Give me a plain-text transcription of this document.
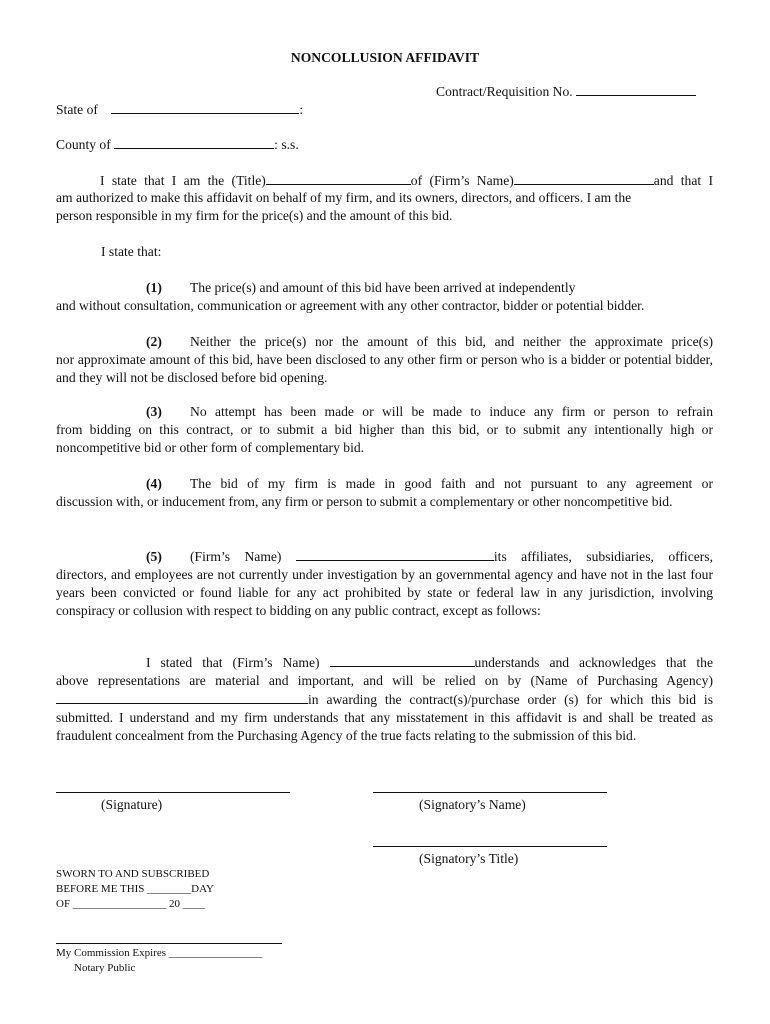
NONCOLLUSION AFFIDAVIT
Contract/Requisition No.
State of	:
County of	: s.s.
I state that I am the (Title)	of (Firm’s Name)	and that I
am authorized to make this affidavit on behalf of my firm, and its owners, directors, and officers. I am the
person responsible in my firm for the price(s) and the amount of this bid.
I state that:
(1) The price(s) and amount of this bid have been arrived at independently
and without consultation, communication or agreement with any other contractor, bidder or potential bidder.
(2) Neither the price(s) nor the amount of this bid, and neither the approximate price(s)
nor approximate amount of this bid, have been disclosed to any other firm or person who is a bidder or potential bidder, and they will not be disclosed before bid opening.
(3) No attempt has been made or will be made to induce any firm or person to refrain
from bidding on this contract, or to submit a bid higher than this bid, or to submit any intentionally high or noncompetitive bid or other form of complementary bid.
(4) The bid of my firm is made in good faith and not pursuant to any agreement or
discussion with, or inducement from, any firm or person to submit a complementary or other noncompetitive bid.
(5) (Firm’s Name)	its affiliates, subsidiaries, officers,
directors, and employees are not currently under investigation by an governmental agency and have not in the last four years been convicted or found liable for any act prohibited by state or federal law in any jurisdiction, involving conspiracy or collusion with respect to bidding on any public contract, except as follows:
I stated that (Firm’s Name)	understands and acknowledges that the
above representations are material and important, and will be relied on by (Name of Purchasing Agency)
in awarding the contract(s)/purchase order (s) for which this bid is
submitted. I understand and my firm understands that any misstatement in this affidavit is and shall be treated as fraudulent concealment from the Purchasing Agency of the true facts relating to the submission of this bid.
(Signature)	(Signatory’s Name)
(Signatory’s Title)
SWORN TO AND SUBSCRIBED
BEFORE ME THIS ________DAY
OF _________________ 20 ____
My Commission Expires _________________
Notary Public
